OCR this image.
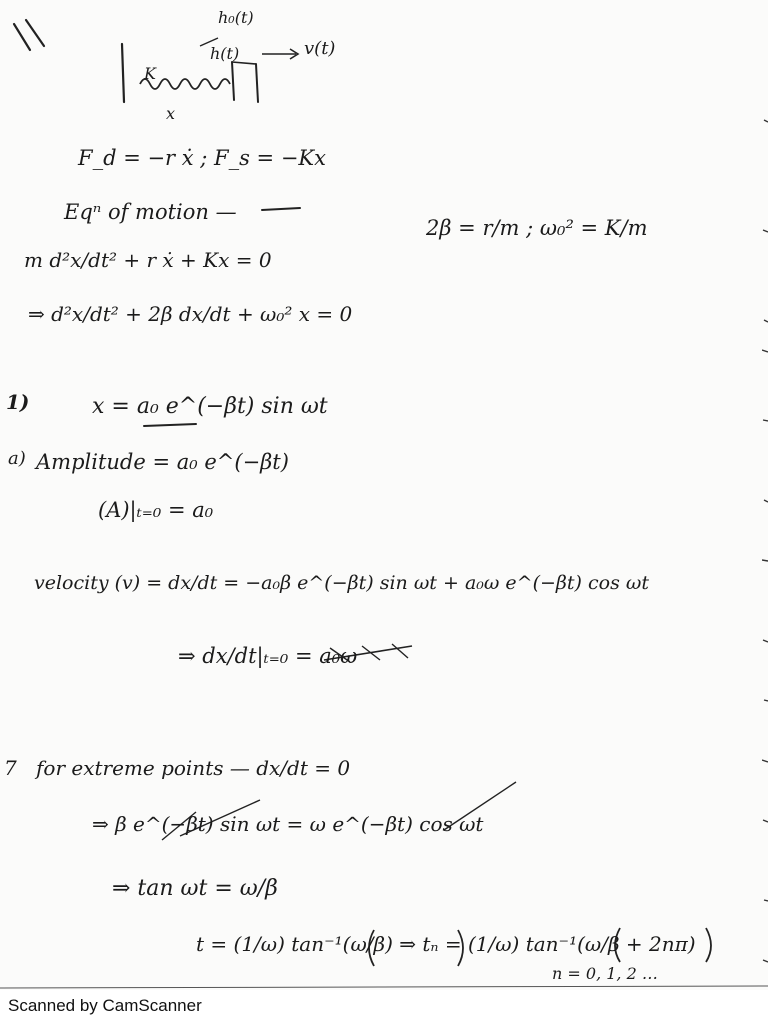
h₀(t)
h(t)	v(t)
K
x
F_d = −r ẋ ; F_s = −Kx
Eqⁿ of motion —
m d²x/dt² + r ẋ + Kx = 0
2β = r/m ; ω₀² = K/m
⇒ d²x/dt² + 2β dx/dt + ω₀² x = 0
1)	x = a₀ e^(−βt) sin ωt
a) Amplitude = a₀ e^(−βt)
(A)|ₜ₌₀ = a₀
velocity (v) = dx/dt = −a₀β e^(−βt) sin ωt + a₀ω e^(−βt) cos ωt
⇒ dx/dt|ₜ₌₀ = a₀ω
7 for extreme points — dx/dt = 0
⇒ β e^(−βt) sin ωt = ω e^(−βt) cos ωt
⇒ tan ωt = ω/β
t = (1/ω) tan⁻¹(ω/β) ⇒ tₙ = (1/ω) tan⁻¹(ω/β + 2nπ)
n = 0, 1, 2 …
Scanned by CamScanner
